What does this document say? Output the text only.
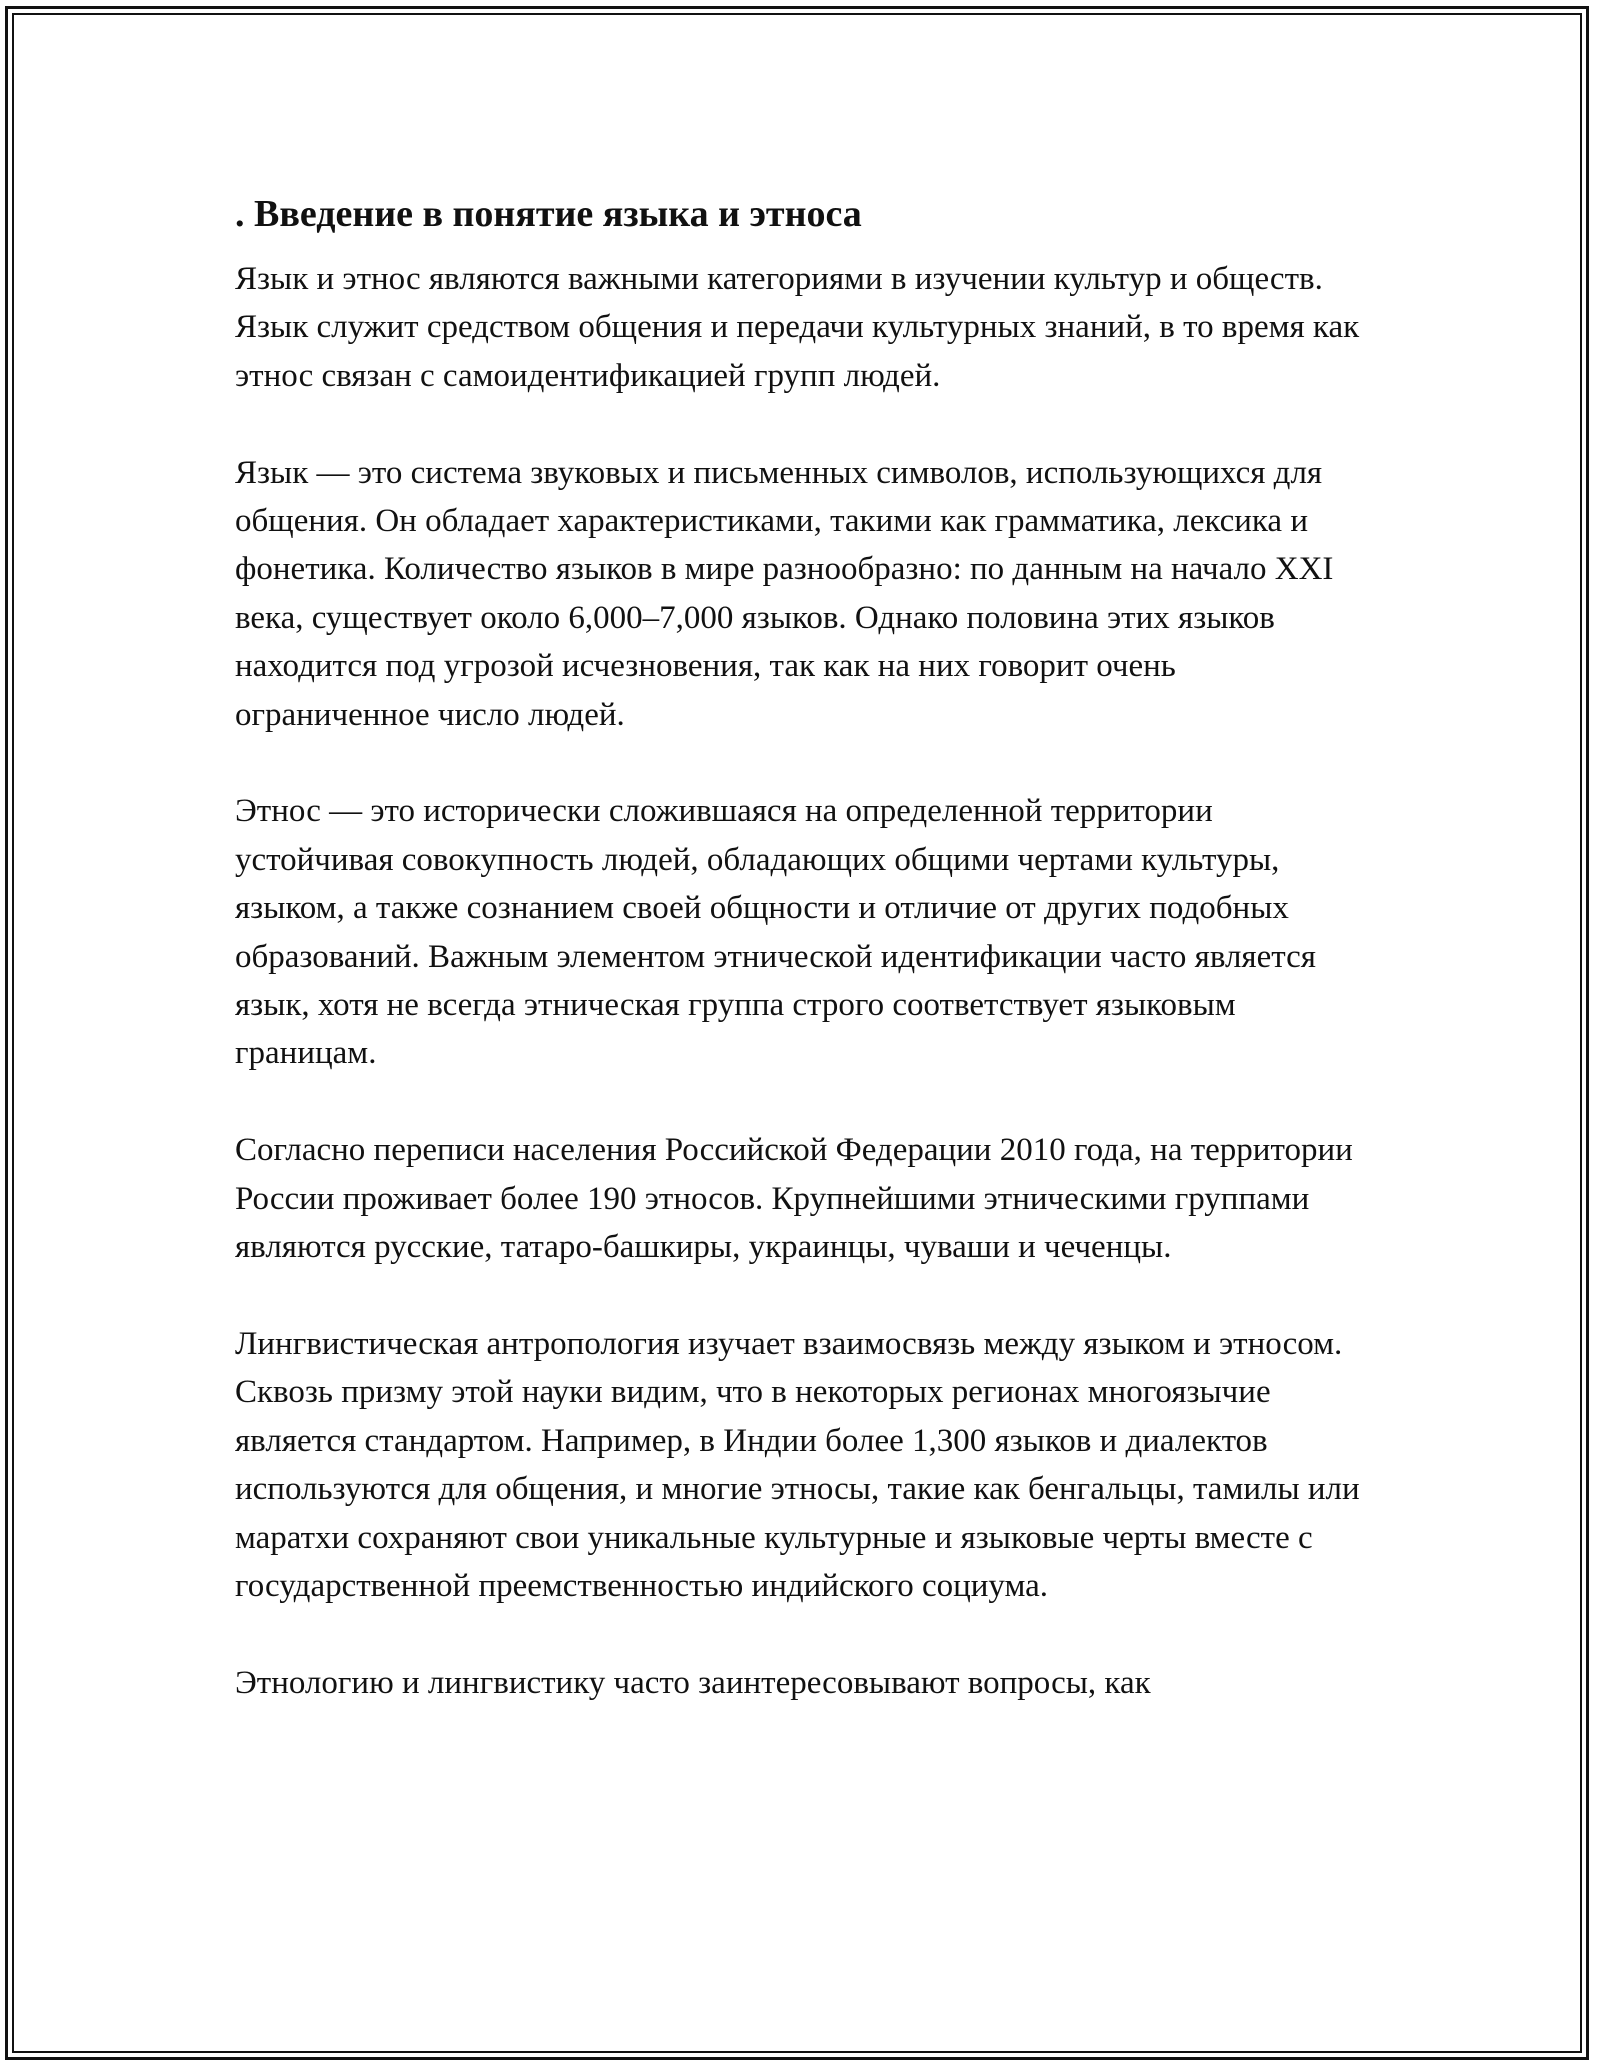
. Введение в понятие языка и этноса

Язык и этнос являются важными категориями в изучении культур и обществ. Язык служит средством общения и передачи культурных знаний, в то время как этнос связан с самоидентификацией групп людей.

Язык — это система звуковых и письменных символов, использующихся для общения. Он обладает характеристиками, такими как грамматика, лексика и фонетика. Количество языков в мире разнообразно: по данным на начало XXI века, существует около 6,000–7,000 языков. Однако половина этих языков находится под угрозой исчезновения, так как на них говорит очень ограниченное число людей.

Этнос — это исторически сложившаяся на определенной территории устойчивая совокупность людей, обладающих общими чертами культуры, языком, а также сознанием своей общности и отличие от других подобных образований. Важным элементом этнической идентификации часто является язык, хотя не всегда этническая группа строго соответствует языковым границам.

Согласно переписи населения Российской Федерации 2010 года, на территории России проживает более 190 этносов. Крупнейшими этническими группами являются русские, татаро-башкиры, украинцы, чуваши и чеченцы.

Лингвистическая антропология изучает взаимосвязь между языком и этносом. Сквозь призму этой науки видим, что в некоторых регионах многоязычие является стандартом. Например, в Индии более 1,300 языков и диалектов используются для общения, и многие этносы, такие как бенгальцы, тамилы или маратхи сохраняют свои уникальные культурные и языковые черты вместе с государственной преемственностью индийского социума.

Этнологию и лингвистику часто заинтересовывают вопросы, как
